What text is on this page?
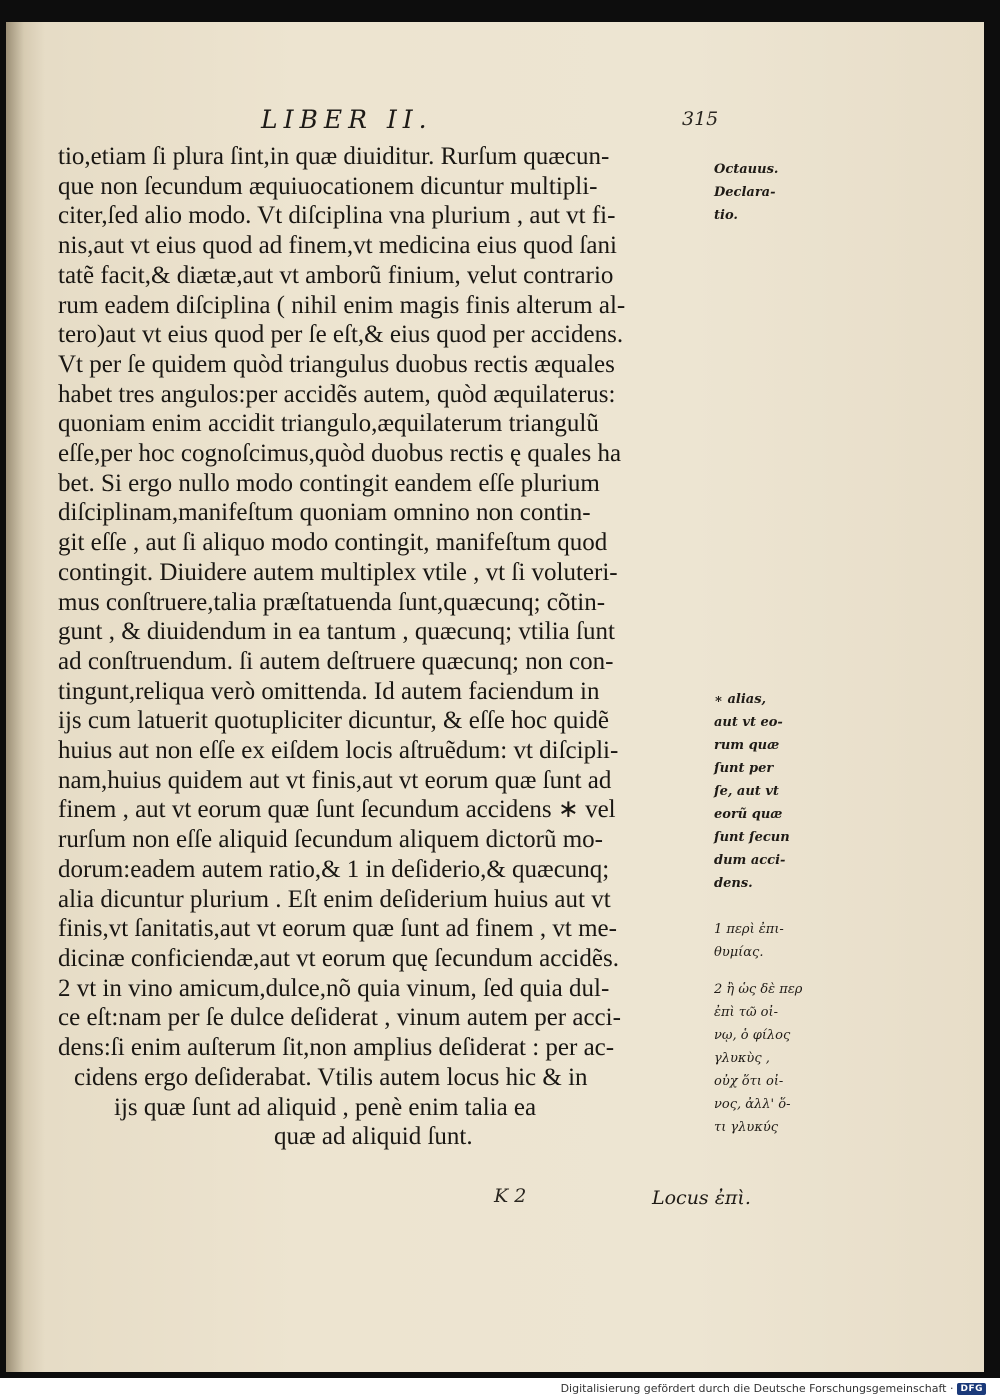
LIBER II.	315
tio,etiam ſi plura ſint,in quæ diuiditur. Rurſum quæcun-
que non ſecundum æquiuocationem dicuntur multipli-
citer,ſed alio modo. Vt diſciplina vna plurium , aut vt fi-
nis,aut vt eius quod ad finem,vt medicina eius quod ſani
tatẽ facit,& diætæ,aut vt amborũ finium, velut contrario
rum eadem diſciplina ( nihil enim magis finis alterum al-
tero)aut vt eius quod per ſe eſt,& eius quod per accidens.
Vt per ſe quidem quòd triangulus duobus rectis æquales
habet tres angulos:per accidẽs autem, quòd æquilaterus:
quoniam enim accidit triangulo,æquilaterum triangulũ
eſſe,per hoc cognoſcimus,quòd duobus rectis ę quales ha
bet. Si ergo nullo modo contingit eandem eſſe plurium
diſciplinam,manifeſtum quoniam omnino non contin-
git eſſe , aut ſi aliquo modo contingit, manifeſtum quod
contingit. Diuidere autem multiplex vtile , vt ſi voluteri-
mus conſtruere,talia præſtatuenda ſunt,quæcunq; cõtin-
gunt , & diuidendum in ea tantum , quæcunq; vtilia ſunt
ad conſtruendum. ſi autem deſtruere quæcunq; non con-
tingunt,reliqua verò omittenda. Id autem faciendum in
ijs cum latuerit quotupliciter dicuntur, & eſſe hoc quidẽ
huius aut non eſſe ex eiſdem locis aſtruẽdum: vt diſcipli-
nam,huius quidem aut vt finis,aut vt eorum quæ ſunt ad
finem , aut vt eorum quæ ſunt ſecundum accidens ∗ vel
rurſum non eſſe aliquid ſecundum aliquem dictorũ mo-
dorum:eadem autem ratio,& 1 in deſiderio,& quæcunq;
alia dicuntur plurium . Eſt enim deſiderium huius aut vt
finis,vt ſanitatis,aut vt eorum quæ ſunt ad finem , vt me-
dicinæ conficiendæ,aut vt eorum quę ſecundum accidẽs.
2 vt in vino amicum,dulce,nõ quia vinum, ſed quia dul-
ce eſt:nam per ſe dulce deſiderat , vinum autem per acci-
dens:ſi enim auſterum ſit,non amplius deſiderat : per ac-
cidens ergo deſiderabat. Vtilis autem locus hic & in
ijs quæ ſunt ad aliquid , penè enim talia ea
quæ ad aliquid ſunt.
Octauus.
Declara-
tio.
∗ alias,
aut vt eo-
rum quæ
ſunt per
ſe, aut vt
eorũ quæ
ſunt ſecun
dum acci-
dens.
1 περὶ ἐπι-
θυμίας.
2 ἢ ὡς δὲ περ
ἐπὶ τῶ οἰ-
νῳ, ὁ φίλος
γλυκὺς ,
οὐχ ὅτι οἰ-
νος, ἀλλ' ὅ-
τι γλυκύς
K 2	Locus ἐπὶ.
Digitalisierung gefördert durch die Deutsche Forschungsgemeinschaft · DFG
